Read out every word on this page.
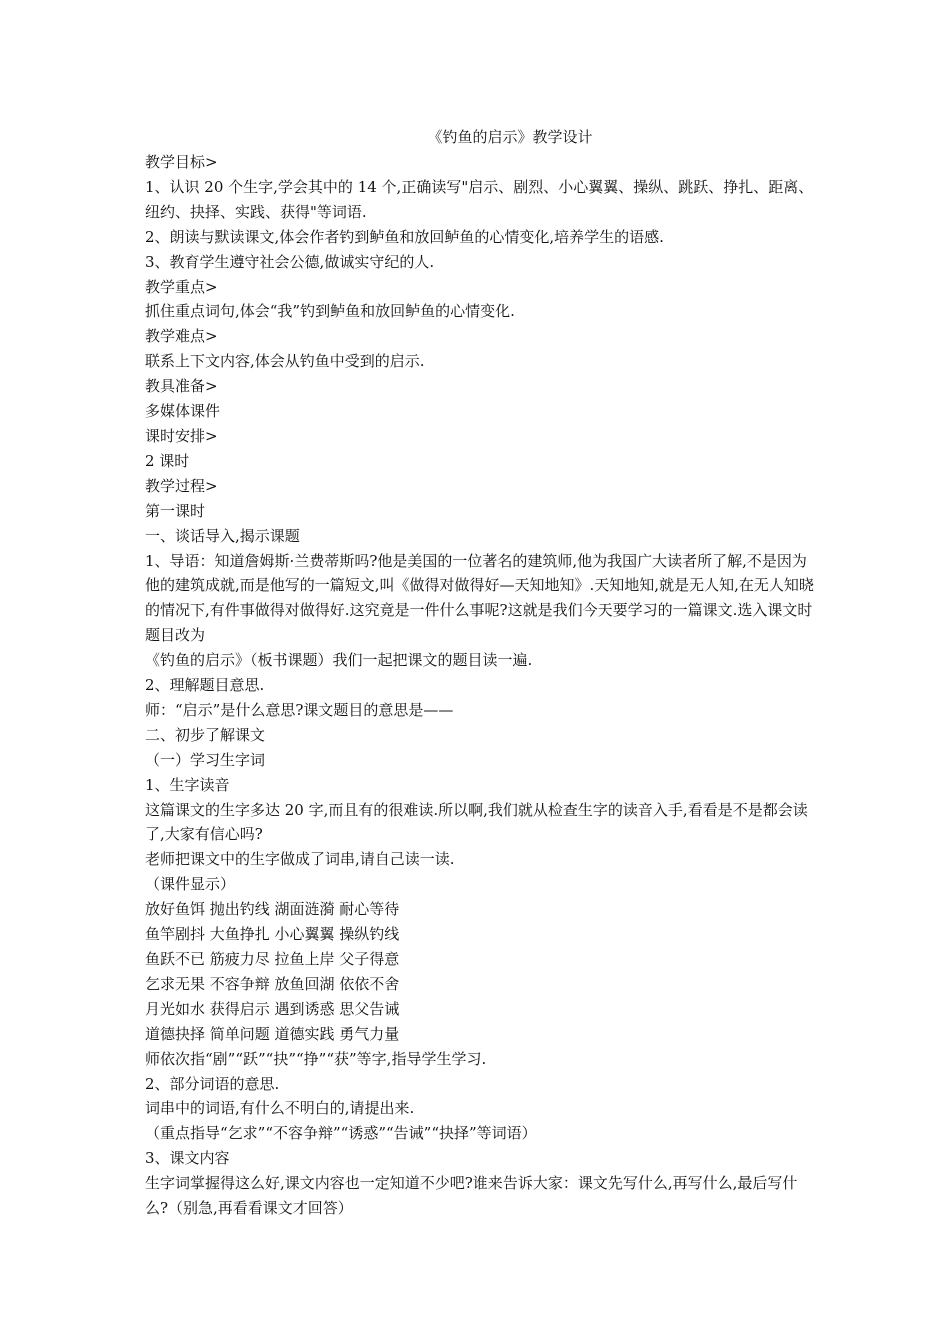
《钓鱼的启示》教学设计

教学目标>

1、认识 20 个生字,学会其中的 14 个,正确读写"启示、剧烈、小心翼翼、操纵、跳跃、挣扎、距离、纽约、抉择、实践、获得"等词语.

2、朗读与默读课文,体会作者钓到鲈鱼和放回鲈鱼的心情变化,培养学生的语感.

3、教育学生遵守社会公德,做诚实守纪的人.

教学重点>

抓住重点词句,体会“我”钓到鲈鱼和放回鲈鱼的心情变化.

教学难点>

联系上下文内容,体会从钓鱼中受到的启示.

教具准备>

多媒体课件

课时安排>

2 课时

教学过程>

第一课时

一、谈话导入,揭示课题

1、导语：知道詹姆斯·兰费蒂斯吗?他是美国的一位著名的建筑师,他为我国广大读者所了解,不是因为他的建筑成就,而是他写的一篇短文,叫《做得对做得好—天知地知》.天知地知,就是无人知,在无人知晓的情况下,有件事做得对做得好.这究竟是一件什么事呢?这就是我们今天要学习的一篇课文.选入课文时题目改为

《钓鱼的启示》（板书课题）我们一起把课文的题目读一遍.

2、理解题目意思.

师：“启示”是什么意思?课文题目的意思是——

二、初步了解课文

（一）学习生字词

1、生字读音

这篇课文的生字多达 20 字,而且有的很难读.所以啊,我们就从检查生字的读音入手,看看是不是都会读了,大家有信心吗?

老师把课文中的生字做成了词串,请自己读一读.

（课件显示）

放好鱼饵 抛出钓线 湖面涟漪 耐心等待

鱼竿剧抖 大鱼挣扎 小心翼翼 操纵钓线

鱼跃不已 筋疲力尽 拉鱼上岸 父子得意

乞求无果 不容争辩 放鱼回湖 依依不舍

月光如水 获得启示 遇到诱惑 思父告诫

道德抉择 简单问题 道德实践 勇气力量

师依次指“剧”“跃”“抉”“挣”“获”等字,指导学生学习.

2、部分词语的意思.

词串中的词语,有什么不明白的,请提出来.

（重点指导“乞求”“不容争辩”“诱惑”“告诫”“抉择”等词语）

3、课文内容

生字词掌握得这么好,课文内容也一定知道不少吧?谁来告诉大家：课文先写什么,再写什么,最后写什么?（别急,再看看课文才回答）
